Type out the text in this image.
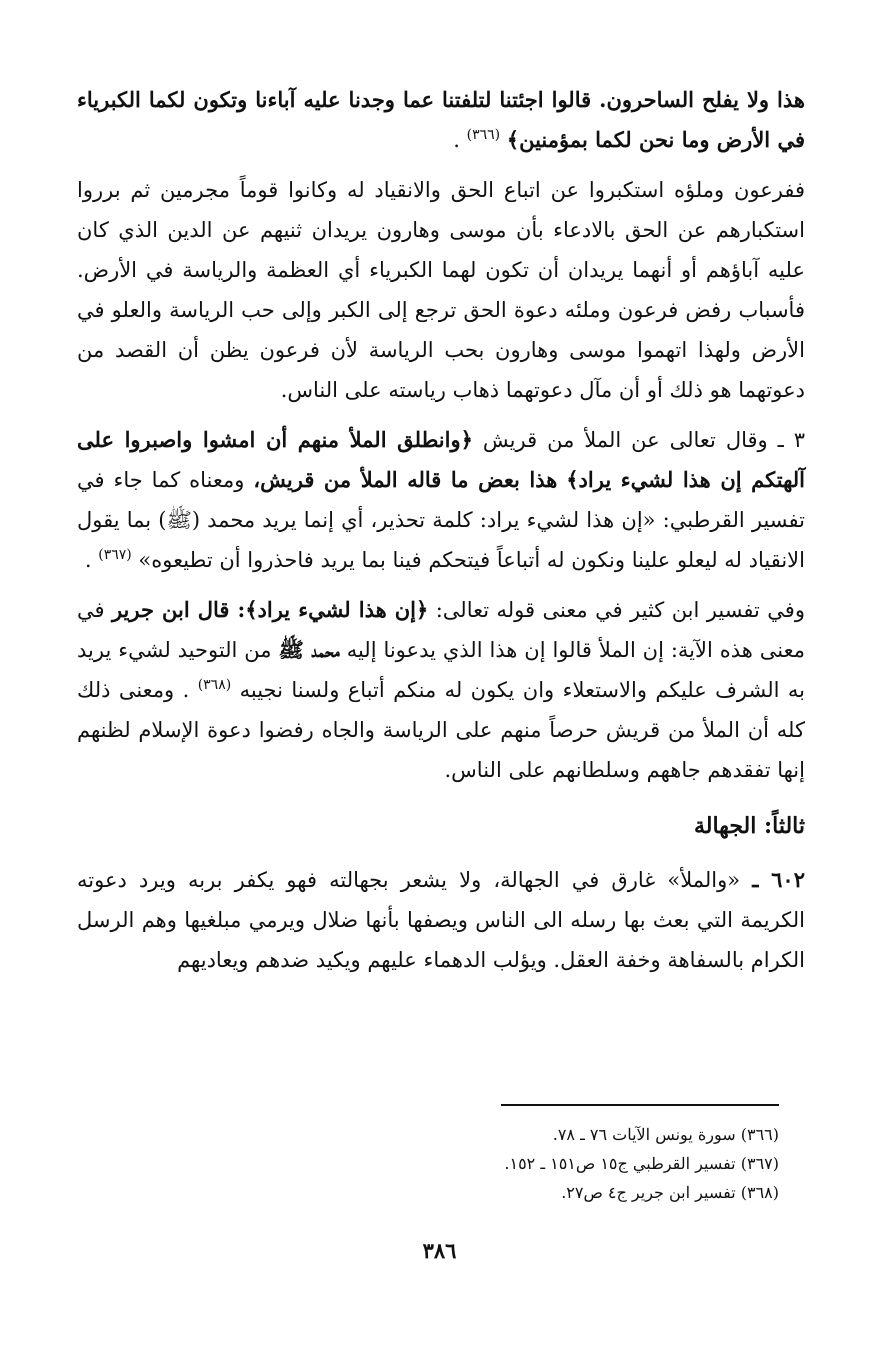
هذا ولا يفلح الساحرون. قالوا اجئتنا لتلفتنا عما وجدنا عليه آباءنا وتكون لكما الكبرياء في الأرض وما نحن لكما بمؤمنين﴾ $^{(٣٦٦)}$ .

ففرعون وملؤه استكبروا عن اتباع الحق والانقياد له وكانوا قوماً مجرمين ثم برروا استكبارهم عن الحق بالادعاء بأن موسى وهارون يريدان ثنيهم عن الدين الذي كان عليه آباؤهم أو أنهما يريدان أن تكون لهما الكبرياء أي العظمة والرياسة في الأرض. فأسباب رفض فرعون وملئه دعوة الحق ترجع إلى الكبر وإلى حب الرياسة والعلو في الأرض ولهذا اتهموا موسى وهارون بحب الرياسة لأن فرعون يظن أن القصد من دعوتهما هو ذلك أو أن مآل دعوتهما ذهاب رياسته على الناس.

٣ ـ وقال تعالى عن الملأ من قريش ﴿وانطلق الملأ منهم أن امشوا واصبروا على آلهتكم إن هذا لشيء يراد﴾ هذا بعض ما قاله الملأ من قريش، ومعناه كما جاء في تفسير القرطبي: «إن هذا لشيء يراد: كلمة تحذير، أي إنما يريد محمد (ﷺ) بما يقول الانقياد له ليعلو علينا ونكون له أتباعاً فيتحكم فينا بما يريد فاحذروا أن تطيعوه» $^{(٣٦٧)}$ .

وفي تفسير ابن كثير في معنى قوله تعالى: ﴿إن هذا لشيء يراد﴾: قال ابن جرير في معنى هذه الآية: إن الملأ قالوا إن هذا الذي يدعونا إليه محمد ﷺ من التوحيد لشيء يريد به الشرف عليكم والاستعلاء وان يكون له منكم أتباع ولسنا نجيبه $^{(٣٦٨)}$ . ومعنى ذلك كله أن الملأ من قريش حرصاً منهم على الرياسة والجاه رفضوا دعوة الإسلام لظنهم إنها تفقدهم جاههم وسلطانهم على الناس.

ثالثاً: الجهالة

٦٠٢ ـ «والملأ» غارق في الجهالة، ولا يشعر بجهالته فهو يكفر بربه ويرد دعوته الكريمة التي بعث بها رسله الى الناس ويصفها بأنها ضلال ويرمي مبلغيها وهم الرسل الكرام بالسفاهة وخفة العقل. ويؤلب الدهماء عليهم ويكيد ضدهم ويعاديهم

(٣٦٦) سورة يونس الآيات ٧٦ ـ ٧٨.
(٣٦٧) تفسير القرطبي ج١٥ ص١٥١ ـ ١٥٢.
(٣٦٨) تفسير ابن جرير ج٤ ص٢٧.
٣٨٦
